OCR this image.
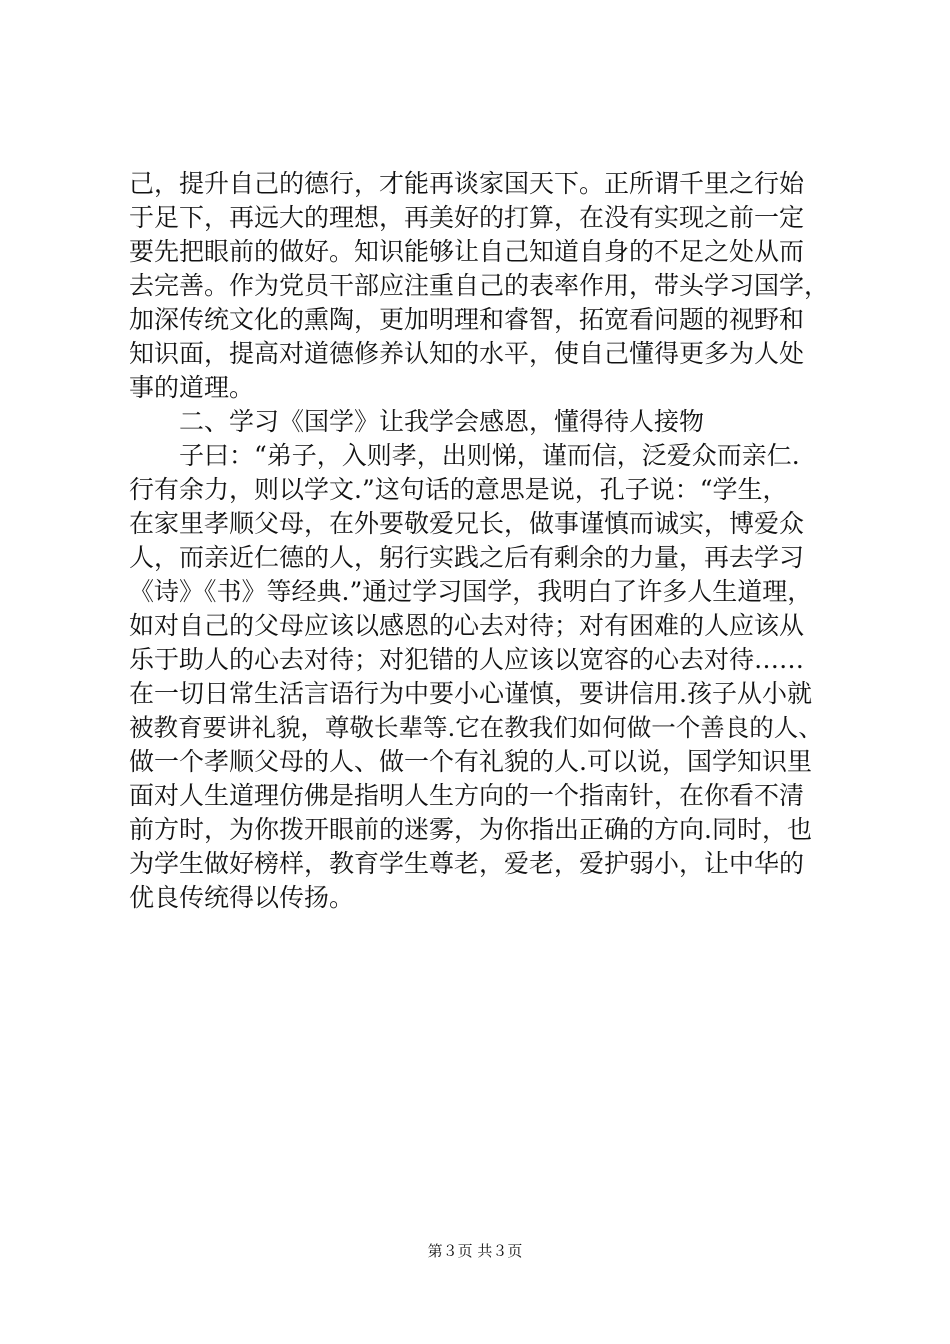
己，提升自己的德行，才能再谈家国天下。正所谓千里之行始
于足下，再远大的理想，再美好的打算，在没有实现之前一定
要先把眼前的做好。知识能够让自己知道自身的不足之处从而
去完善。作为党员干部应注重自己的表率作用，带头学习国学，
加深传统文化的熏陶，更加明理和睿智，拓宽看问题的视野和
知识面，提高对道德修养认知的水平，使自己懂得更多为人处
事的道理。
　　二、学习《国学》让我学会感恩，懂得待人接物
　　子曰：“弟子，入则孝，出则悌，谨而信，泛爱众而亲仁.
行有余力，则以学文.”这句话的意思是说，孔子说：“学生，
在家里孝顺父母，在外要敬爱兄长，做事谨慎而诚实，博爱众
人，而亲近仁德的人，躬行实践之后有剩余的力量，再去学习
《诗》《书》等经典.”通过学习国学，我明白了许多人生道理，
如对自己的父母应该以感恩的心去对待；对有困难的人应该从
乐于助人的心去对待；对犯错的人应该以宽容的心去对待……
在一切日常生活言语行为中要小心谨慎，要讲信用.孩子从小就
被教育要讲礼貌，尊敬长辈等.它在教我们如何做一个善良的人、
做一个孝顺父母的人、做一个有礼貌的人.可以说，国学知识里
面对人生道理仿佛是指明人生方向的一个指南针，在你看不清
前方时，为你拨开眼前的迷雾，为你指出正确的方向.同时，也
为学生做好榜样，教育学生尊老，爱老，爱护弱小，让中华的
优良传统得以传扬。
第３页 共３页
